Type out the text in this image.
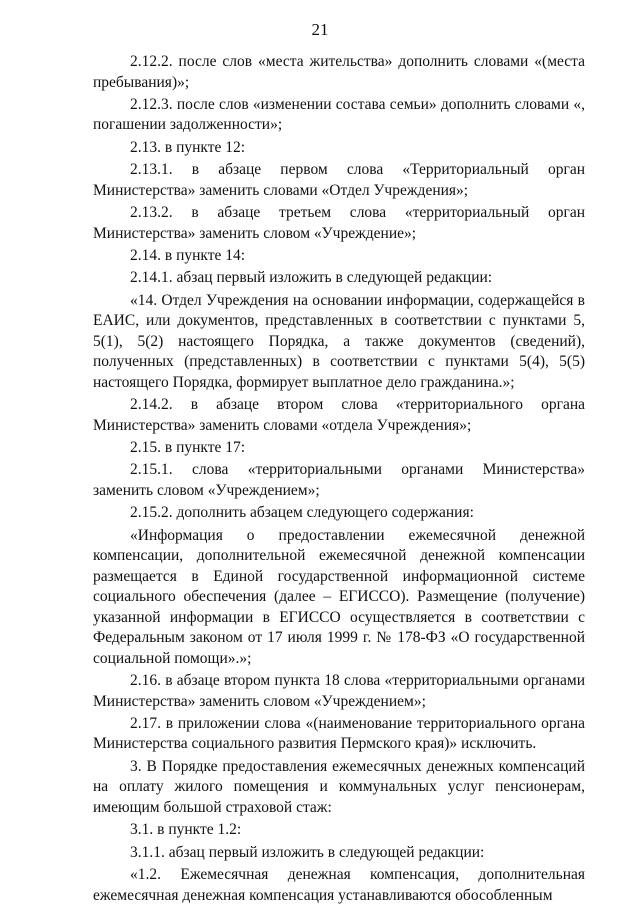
21

2.12.2. после слов «места жительства» дополнить словами «(места пребывания)»;

2.12.3. после слов «изменении состава семьи» дополнить словами «, погашении задолженности»;

2.13. в пункте 12:

2.13.1. в абзаце первом слова «Территориальный орган Министерства» заменить словами «Отдел Учреждения»;

2.13.2. в абзаце третьем слова «территориальный орган Министерства» заменить словом «Учреждение»;

2.14. в пункте 14:

2.14.1. абзац первый изложить в следующей редакции:

«14. Отдел Учреждения на основании информации, содержащейся в ЕАИС, или документов, представленных в соответствии с пунктами 5, 5(1), 5(2) настоящего Порядка, а также документов (сведений), полученных (представленных) в соответствии с пунктами 5(4), 5(5) настоящего Порядка, формирует выплатное дело гражданина.»;

2.14.2. в абзаце втором слова «территориального органа Министерства» заменить словами «отдела Учреждения»;

2.15. в пункте 17:

2.15.1. слова «территориальными органами Министерства» заменить словом «Учреждением»;

2.15.2. дополнить абзацем следующего содержания:

«Информация о предоставлении ежемесячной денежной компенсации, дополнительной ежемесячной денежной компенсации размещается в Единой государственной информационной системе социального обеспечения (далее – ЕГИССО). Размещение (получение) указанной информации в ЕГИССО осуществляется в соответствии с Федеральным законом от 17 июля 1999 г. № 178-ФЗ «О государственной социальной помощи».»;

2.16. в абзаце втором пункта 18 слова «территориальными органами Министерства» заменить словом «Учреждением»;

2.17. в приложении слова «(наименование территориального органа Министерства социального развития Пермского края)» исключить.

3. В Порядке предоставления ежемесячных денежных компенсаций на оплату жилого помещения и коммунальных услуг пенсионерам, имеющим большой страховой стаж:

3.1. в пункте 1.2:

3.1.1. абзац первый изложить в следующей редакции:

«1.2. Ежемесячная денежная компенсация, дополнительная ежемесячная денежная компенсация устанавливаются обособленным
